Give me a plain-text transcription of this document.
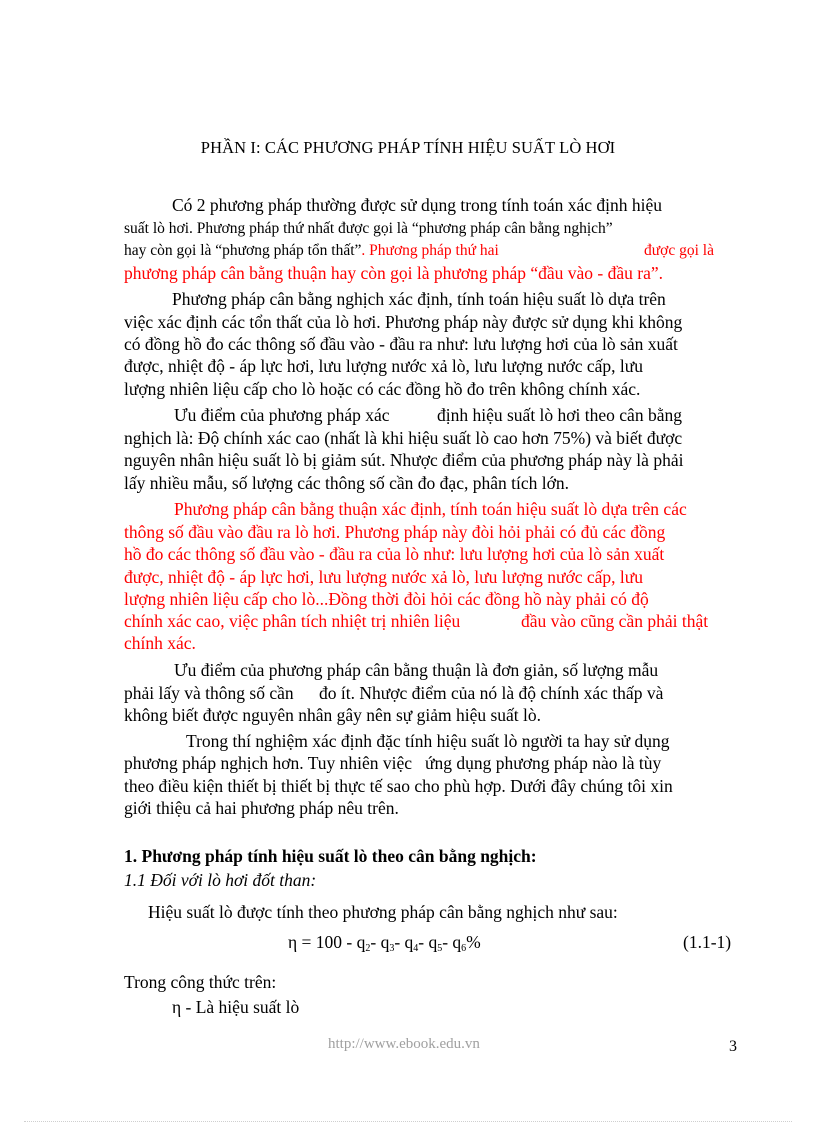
PHẦN I: CÁC PHƯƠNG PHÁP TÍNH HIỆU SUẤT LÒ HƠI
Có 2 phương pháp thường được sử dụng trong tính toán xác định hiệu
suất lò hơi. Phương pháp thứ nhất được gọi là “phương pháp cân bằng nghịch”
hay còn gọi là “phương pháp tổn thất”. Phương pháp thứ hai	được gọi là
phương pháp cân bằng thuận hay còn gọi là phương pháp “đầu vào - đầu ra”.
Phương pháp cân bằng nghịch xác định, tính toán hiệu suất lò dựa trên
việc xác định các tổn thất của lò hơi. Phương pháp này được sử dụng khi không
có đồng hồ đo các thông số đầu vào - đầu ra như: lưu lượng hơi của lò sản xuất
được, nhiệt độ - áp lực hơi, lưu lượng nước xả lò, lưu lượng nước cấp, lưu
lượng nhiên liệu cấp cho lò hoặc có các đồng hồ đo trên không chính xác.
Ưu điểm của phương pháp xác	định hiệu suất lò hơi theo cân bằng
nghịch là: Độ chính xác cao (nhất là khi hiệu suất lò cao hơn 75%) và biết được
nguyên nhân hiệu suất lò bị giảm sút. Nhược điểm của phương pháp này là phải
lấy nhiều mẫu, số lượng các thông số cần đo đạc, phân tích lớn.
Phương pháp cân bằng thuận xác định, tính toán hiệu suất lò dựa trên các
thông số đầu vào đầu ra lò hơi. Phương pháp này đòi hỏi phải có đủ các đồng
hồ đo các thông số đầu vào - đầu ra của lò như: lưu lượng hơi của lò sản xuất
được, nhiệt độ - áp lực hơi, lưu lượng nước xả lò, lưu lượng nước cấp, lưu
lượng nhiên liệu cấp cho lò...Đồng thời đòi hỏi các đồng hồ này phải có độ
chính xác cao, việc phân tích nhiệt trị nhiên liệu	đầu vào cũng cần phải thật
chính xác.
Ưu điểm của phương pháp cân bằng thuận là đơn giản, số lượng mẫu
phải lấy và thông số cần đo ít. Nhược điểm của nó là độ chính xác thấp và
không biết được nguyên nhân gây nên sự giảm hiệu suất lò.
Trong thí nghiệm xác định đặc tính hiệu suất lò người ta hay sử dụng
phương pháp nghịch hơn. Tuy nhiên việc ứng dụng phương pháp nào là tùy
theo điều kiện thiết bị thiết bị thực tế sao cho phù hợp. Dưới đây chúng tôi xin
giới thiệu cả hai phương pháp nêu trên.
1. Phương pháp tính hiệu suất lò theo cân bằng nghịch:
1.1 Đối với lò hơi đốt than:
Hiệu suất lò được tính theo phương pháp cân bằng nghịch như sau:
$\eta = 100 - q_2-$ $q_3-$ $q_4-$ $q_5-$ $q_6\%$	(1.1-1)
Trong công thức trên:
η - Là hiệu suất lò
http://www.ebook.edu.vn	3
